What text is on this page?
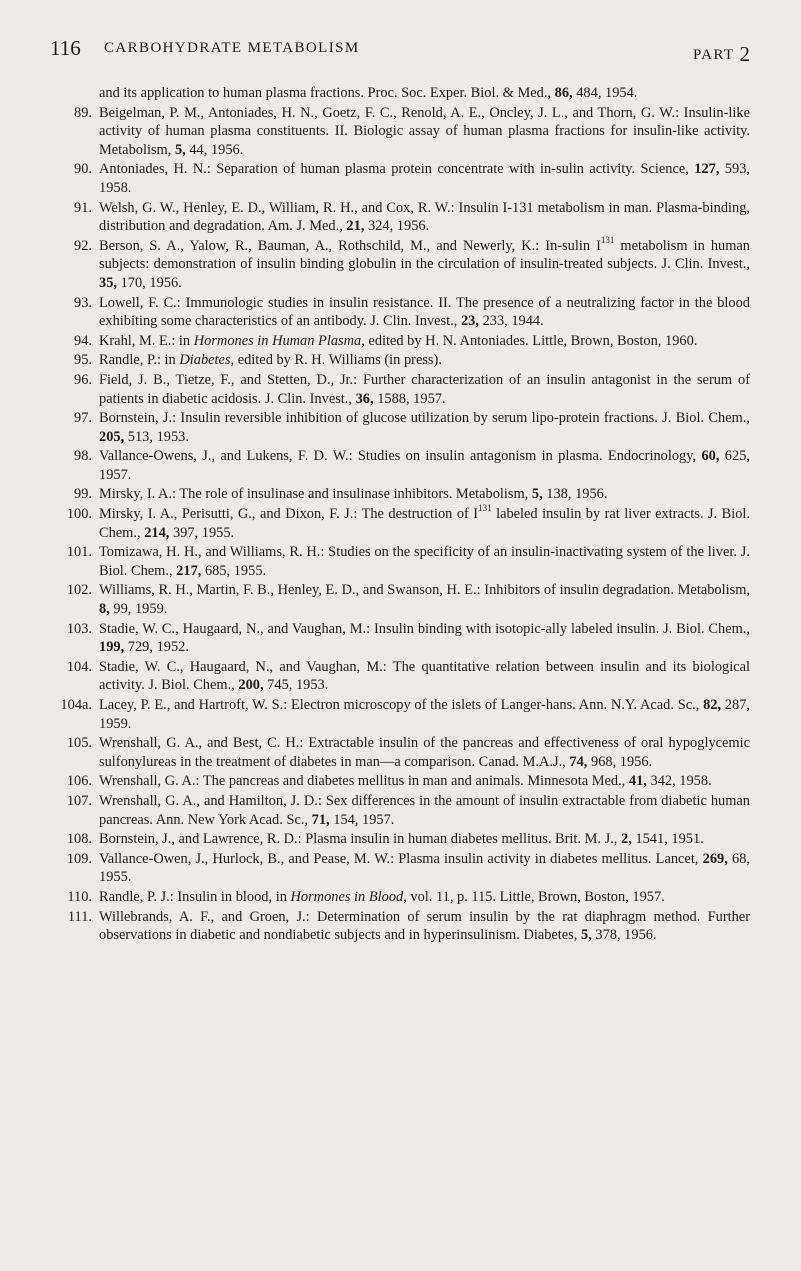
116 CARBOHYDRATE METABOLISM	PART 2
and its application to human plasma fractions. Proc. Soc. Exper. Biol. & Med., 86, 484, 1954.
89. Beigelman, P. M., Antoniades, H. N., Goetz, F. C., Renold, A. E., Oncley, J. L., and Thorn, G. W.: Insulin-like activity of human plasma constituents. II. Biologic assay of human plasma fractions for insulin-like activity. Metabolism, 5, 44, 1956.
90. Antoniades, H. N.: Separation of human plasma protein concentrate with in-sulin activity. Science, 127, 593, 1958.
91. Welsh, G. W., Henley, E. D., William, R. H., and Cox, R. W.: Insulin I-131 metabolism in man. Plasma-binding, distribution and degradation. Am. J. Med., 21, 324, 1956.
92. Berson, S. A., Yalow, R., Bauman, A., Rothschild, M., and Newerly, K.: In-sulin $I^{131}$ metabolism in human subjects: demonstration of insulin binding globulin in the circulation of insulin-treated subjects. J. Clin. Invest., 35, 170, 1956.
93. Lowell, F. C.: Immunologic studies in insulin resistance. II. The presence of a neutralizing factor in the blood exhibiting some characteristics of an antibody. J. Clin. Invest., 23, 233, 1944.
94. Krahl, M. E.: in Hormones in Human Plasma, edited by H. N. Antoniades. Little, Brown, Boston, 1960.
95. Randle, P.: in Diabetes, edited by R. H. Williams (in press).
96. Field, J. B., Tietze, F., and Stetten, D., Jr.: Further characterization of an insulin antagonist in the serum of patients in diabetic acidosis. J. Clin. Invest., 36, 1588, 1957.
97. Bornstein, J.: Insulin reversible inhibition of glucose utilization by serum lipo-protein fractions. J. Biol. Chem., 205, 513, 1953.
98. Vallance-Owens, J., and Lukens, F. D. W.: Studies on insulin antagonism in plasma. Endocrinology, 60, 625, 1957.
99. Mirsky, I. A.: The role of insulinase and insulinase inhibitors. Metabolism, 5, 138, 1956.
100. Mirsky, I. A., Perisutti, G., and Dixon, F. J.: The destruction of $I^{131}$ labeled insulin by rat liver extracts. J. Biol. Chem., 214, 397, 1955.
101. Tomizawa, H. H., and Williams, R. H.: Studies on the specificity of an insulin-inactivating system of the liver. J. Biol. Chem., 217, 685, 1955.
102. Williams, R. H., Martin, F. B., Henley, E. D., and Swanson, H. E.: Inhibitors of insulin degradation. Metabolism, 8, 99, 1959.
103. Stadie, W. C., Haugaard, N., and Vaughan, M.: Insulin binding with isotopic-ally labeled insulin. J. Biol. Chem., 199, 729, 1952.
104. Stadie, W. C., Haugaard, N., and Vaughan, M.: The quantitative relation between insulin and its biological activity. J. Biol. Chem., 200, 745, 1953.
104a. Lacey, P. E., and Hartroft, W. S.: Electron microscopy of the islets of Langer-hans. Ann. N.Y. Acad. Sc., 82, 287, 1959.
105. Wrenshall, G. A., and Best, C. H.: Extractable insulin of the pancreas and effectiveness of oral hypoglycemic sulfonylureas in the treatment of diabetes in man—a comparison. Canad. M.A.J., 74, 968, 1956.
106. Wrenshall, G. A.: The pancreas and diabetes mellitus in man and animals. Minnesota Med., 41, 342, 1958.
107. Wrenshall, G. A., and Hamilton, J. D.: Sex differences in the amount of insulin extractable from diabetic human pancreas. Ann. New York Acad. Sc., 71, 154, 1957.
108. Bornstein, J., and Lawrence, R. D.: Plasma insulin in human diabetes mellitus. Brit. M. J., 2, 1541, 1951.
109. Vallance-Owen, J., Hurlock, B., and Pease, M. W.: Plasma insulin activity in diabetes mellitus. Lancet, 269, 68, 1955.
110. Randle, P. J.: Insulin in blood, in Hormones in Blood, vol. 11, p. 115. Little, Brown, Boston, 1957.
111. Willebrands, A. F., and Groen, J.: Determination of serum insulin by the rat diaphragm method. Further observations in diabetic and nondiabetic subjects and in hyperinsulinism. Diabetes, 5, 378, 1956.
